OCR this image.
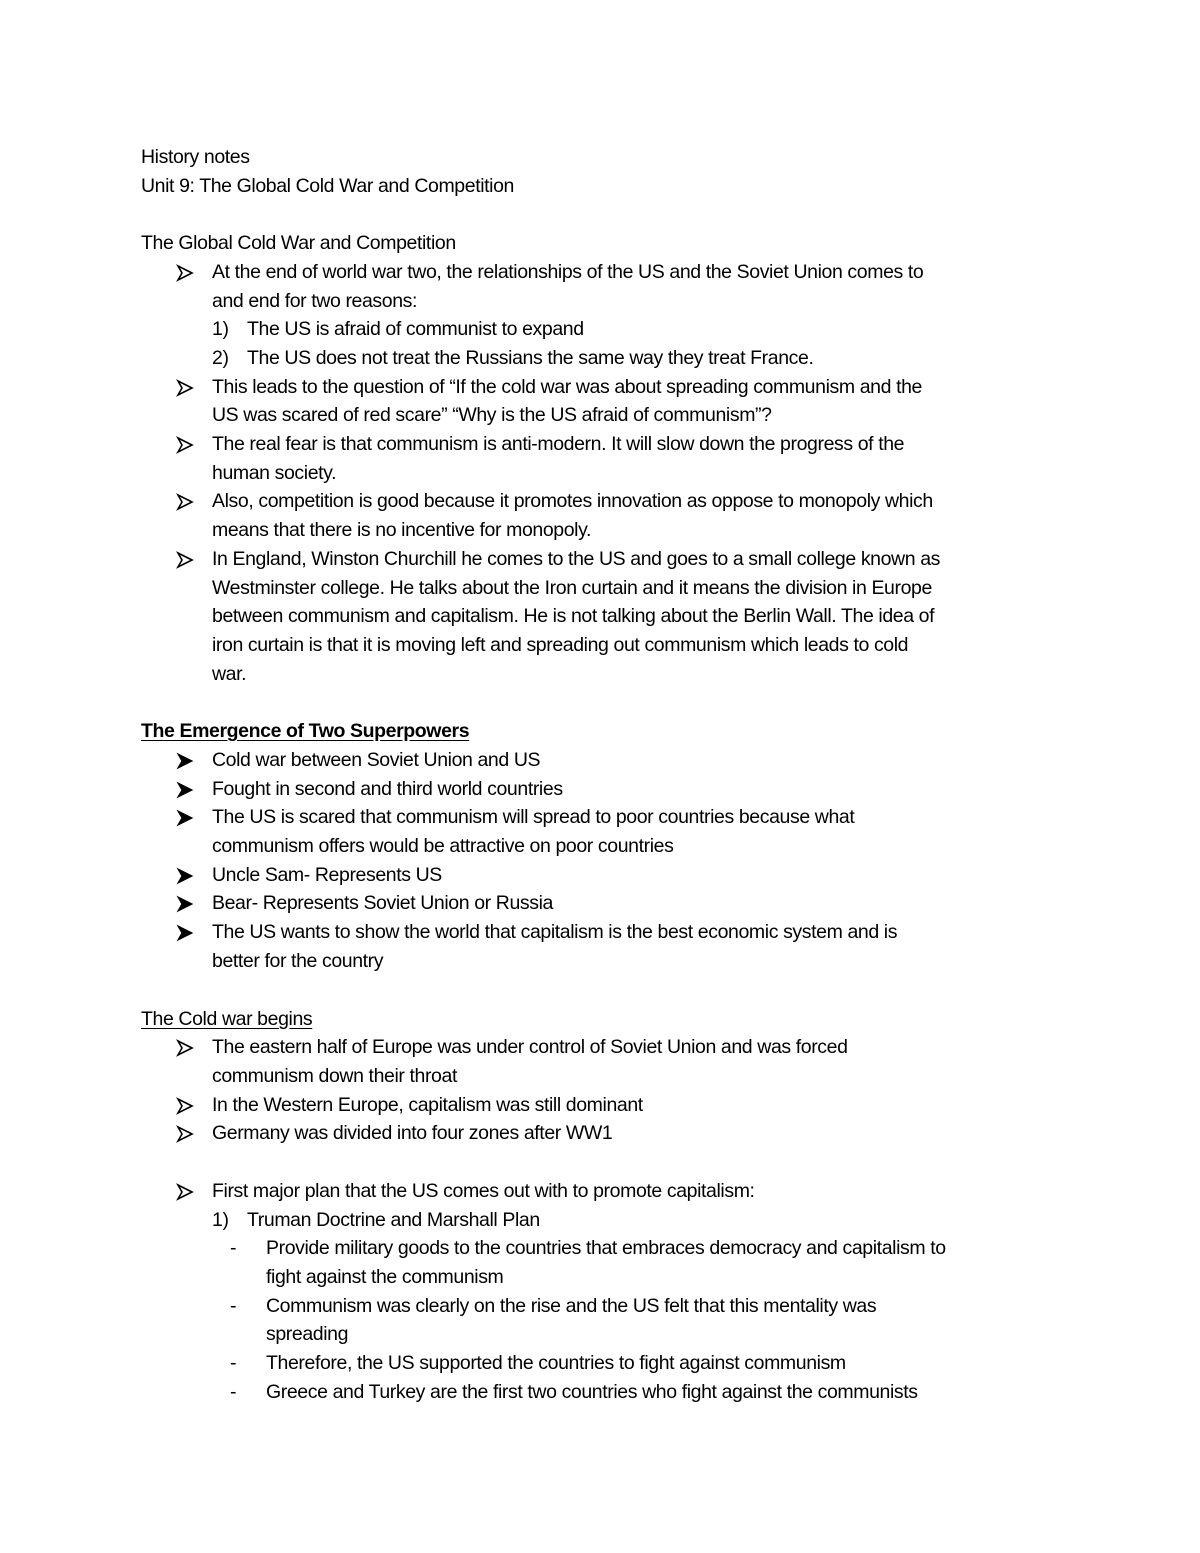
History notes
Unit 9: The Global Cold War and Competition
The Global Cold War and Competition
At the end of world war two, the relationships of the US and the Soviet Union comes to
and end for two reasons:
1) The US is afraid of communist to expand
2) The US does not treat the Russians the same way they treat France.
This leads to the question of “If the cold war was about spreading communism and the
US was scared of red scare” “Why is the US afraid of communism”?
The real fear is that communism is anti-modern. It will slow down the progress of the
human society.
Also, competition is good because it promotes innovation as oppose to monopoly which
means that there is no incentive for monopoly.
In England, Winston Churchill he comes to the US and goes to a small college known as
Westminster college. He talks about the Iron curtain and it means the division in Europe
between communism and capitalism. He is not talking about the Berlin Wall. The idea of
iron curtain is that it is moving left and spreading out communism which leads to cold
war.
The Emergence of Two Superpowers
Cold war between Soviet Union and US
Fought in second and third world countries
The US is scared that communism will spread to poor countries because what
communism offers would be attractive on poor countries
Uncle Sam- Represents US
Bear- Represents Soviet Union or Russia
The US wants to show the world that capitalism is the best economic system and is
better for the country
The Cold war begins
The eastern half of Europe was under control of Soviet Union and was forced
communism down their throat
In the Western Europe, capitalism was still dominant
Germany was divided into four zones after WW1
First major plan that the US comes out with to promote capitalism:
1) Truman Doctrine and Marshall Plan
- Provide military goods to the countries that embraces democracy and capitalism to
fight against the communism
- Communism was clearly on the rise and the US felt that this mentality was
spreading
- Therefore, the US supported the countries to fight against communism
- Greece and Turkey are the first two countries who fight against the communists
